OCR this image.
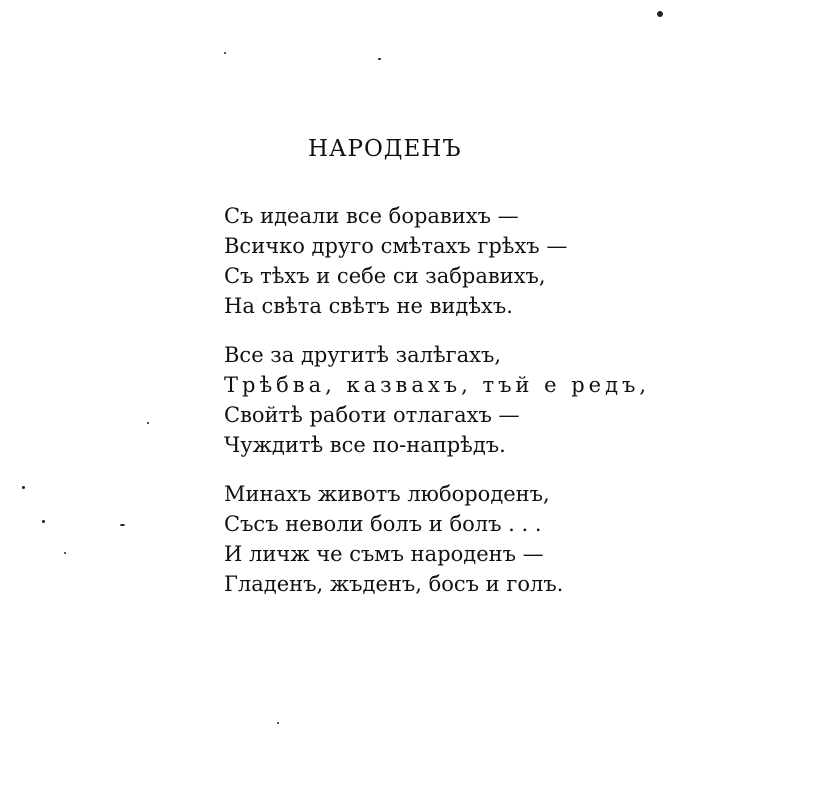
НАРОДЕНЪ
Съ идеали все боравихъ —
Всичко друго смѣтахъ грѣхъ —
Съ тѣхъ и себе си забравихъ,
На свѣта свѣтъ не видѣхъ.
Все за другитѣ залѣгахъ,
Трѣбва, казвахъ, тъй е редъ,
Свойтѣ работи отлагахъ —
Чуждитѣ все по-напрѣдъ.
Минахъ животъ любороденъ,
Съсъ неволи болъ и болъ . . .
И личж че съмъ народенъ —
Гладенъ, жъденъ, босъ и голъ.
